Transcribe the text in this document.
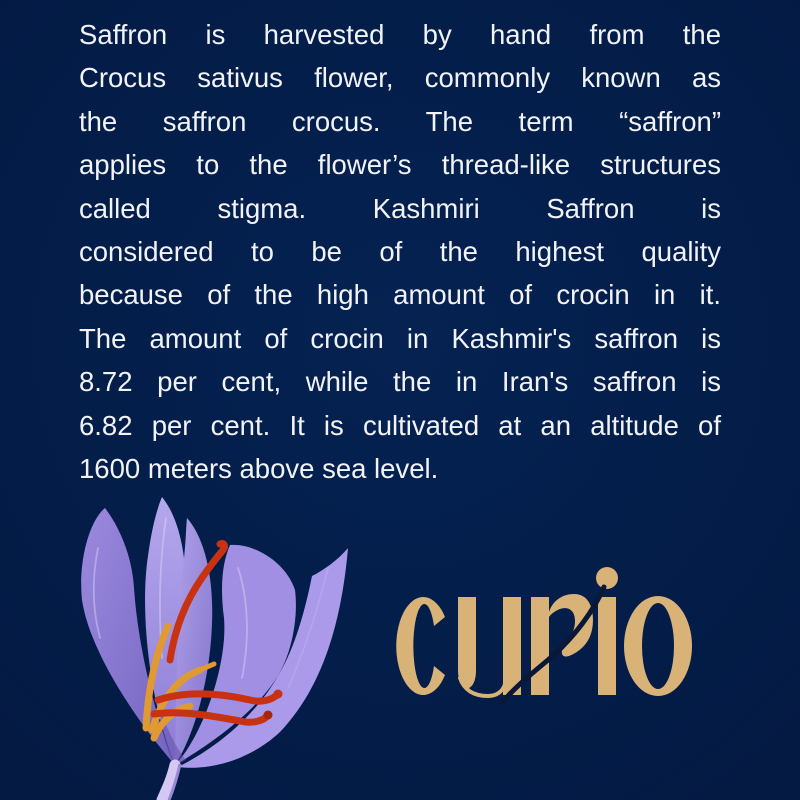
Saffron is harvested by hand from the
Crocus sativus flower, commonly known as
the saffron crocus. The term “saffron”
applies to the flower’s thread-like structures
called stigma. Kashmiri Saffron is
considered to be of the highest quality
because of the high amount of crocin in it.
The amount of crocin in Kashmir's saffron is
8.72 per cent, while the in Iran's saffron is
6.82 per cent. It is cultivated at an altitude of
1600 meters above sea level.
